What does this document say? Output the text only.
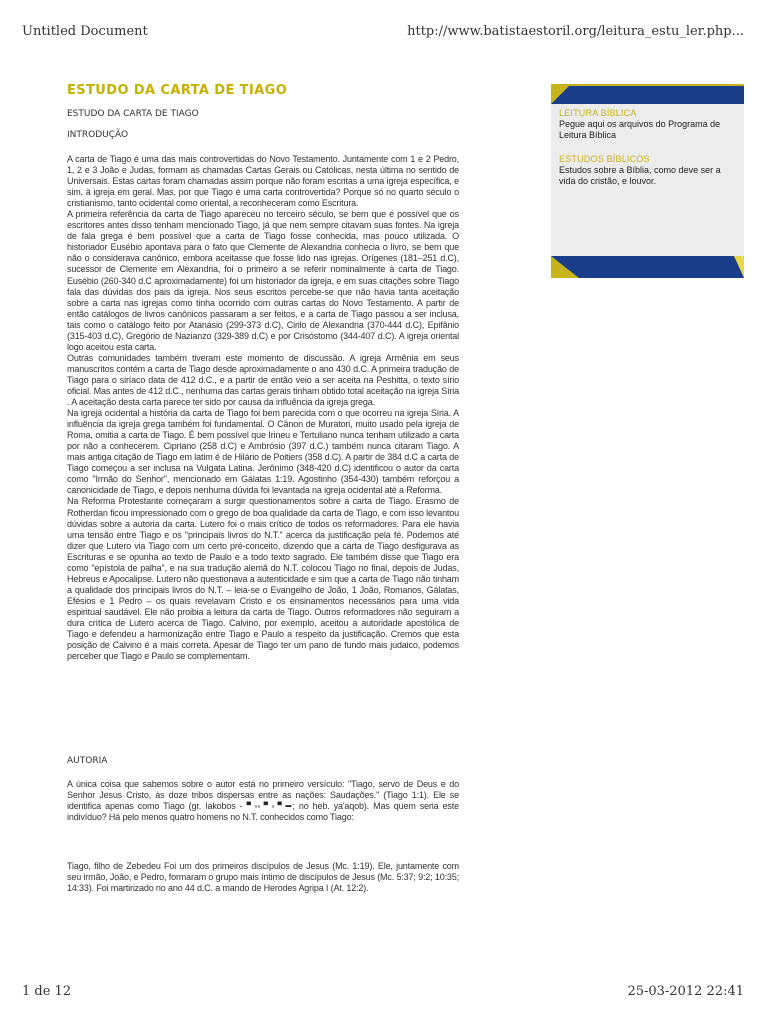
Untitled Document	http://www.batistaestoril.org/leitura_estu_ler.php...
ESTUDO DA CARTA DE TIAGO
ESTUDO DA CARTA DE TIAGO
INTRODUÇÃO

A carta de Tiago é uma das mais controvertidas do Novo Testamento. Juntamente com 1 e 2 Pedro, 1, 2 e 3 João e Judas, formam as chamadas Cartas Gerais ou Católicas, nesta última no sentido de Universais. Estas cartas foram chamadas assim porque não foram escritas a uma igreja específica, e sim, à igreja em geral. Mas, por que Tiago é uma carta controvertida? Porque só no quarto século o cristianismo, tanto ocidental como oriental, a reconheceram como Escritura.

A primeira referência da carta de Tiago apareceu no terceiro século, se bem que é possível que os escritores antes disso tenham mencionado Tiago, já que nem sempre citavam suas fontes. Na igreja de fala grega é bem possível que a carta de Tiago fosse conhecida, mas pouco utilizada. O historiador Eusébio apontava para o fato que Clemente de Alexandria conhecia o livro, se bem que não o considerava canônico, embora aceitasse que fosse lido nas igrejas. Orígenes (181–251 d.C), sucessor de Clemente em Alexandria, foi o primeiro a se referir nominalmente à carta de Tiago. Eusébio (260-340 d.C aproximadamente) foi um historiador da igreja, e em suas citações sobre Tiago fala das dúvidas dos pais da igreja. Nos seus escritos percebe-se que não havia tanta aceitação sobre a carta nas igrejas como tinha ocorrido com outras cartas do Novo Testamento. A partir de então catálogos de livros canônicos passaram a ser feitos, e a carta de Tiago passou a ser inclusa, tais como o catálogo feito por Atanásio (299-373 d.C), Cirilo de Alexandria (370-444 d.C), Epifânio (315-403 d.C), Gregório de Nazianzo (329-389 d.C) e por Crisóstomo (344-407 d.C). A igreja oriental logo aceitou esta carta.

Outras comunidades também tiveram este momento de discussão. A igreja Armênia em seus manuscritos contém a carta de Tiago desde aproximadamente o ano 430 d.C. A primeira tradução de Tiago para o siríaco data de 412 d.C., e a partir de então veio a ser aceita na Peshitta, o texto sírio oficial. Mas antes de 412 d.C., nenhuma das cartas gerais tinham obtido total aceitação na igreja Síria . A aceitação desta carta parece ter sido por causa da influência da igreja grega.

Na igreja ocidental a história da carta de Tiago foi bem parecida com o que ocorreu na igreja Síria. A influência da igreja grega também foi fundamental. O Cânon de Muratori, muito usado pela igreja de Roma, omitia a carta de Tiago. É bem possível que Irineu e Tertuliano nunca tenham utilizado a carta por não a conhecerem. Cipriano (258 d.C) e Ambrósio (397 d.C.) também nunca citaram Tiago. A mais antiga citação de Tiago em latim é de Hilário de Poitiers (358 d.C). A partir de 384 d.C a carta de Tiago começou a ser inclusa na Vulgata Latina. Jerônimo (348-420 d.C) identificou o autor da carta como "Irmão do Senhor", mencionado em Gálatas 1:19. Agostinho (354-430) também reforçou a canonicidade de Tiago, e depois nenhuma dúvida foi levantada na igreja ocidental até a Reforma.

Na Reforma Protestante começaram a surgir questionamentos sobre a carta de Tiago. Erasmo de Rotherdan ficou impressionado com o grego de boa qualidade da carta de Tiago, e com isso levantou dúvidas sobre a autoria da carta. Lutero foi o mais crítico de todos os reformadores. Para ele havia uma tensão entre Tiago e os "principais livros do N.T." acerca da justificação pela fé. Podemos até dizer que Lutero via Tiago com um certo pré-conceito, dizendo que a carta de Tiago desfigurava as Escrituras e se opunha ao texto de Paulo e a todo texto sagrado. Ele também disse que Tiago era como "epístola de palha", e na sua tradução alemã do N.T. colocou Tiago no final, depois de Judas, Hebreus e Apocalipse. Lutero não questionava a autenticidade e sim que a carta de Tiago não tinham a qualidade dos principais livros do N.T. – leia-se o Evangelho de João, 1 João, Romanos, Gálatas, Efésios e 1 Pedro – os quais revelavam Cristo e os ensinamentos necessários para uma vida espiritual saudável. Ele não proibia a leitura da carta de Tiago. Outros reformadores não seguiram a dura crítica de Lutero acerca de Tiago. Calvino, por exemplo, aceitou a autoridade apostólica de Tiago e defendeu a harmonização entre Tiago e Paulo a respeito da justificação. Cremos que esta posição de Calvino é a mais correta. Apesar de Tiago ter um pano de fundo mais judaico, podemos perceber que Tiago e Paulo se complementam.

AUTORIA

A única coisa que sabemos sobre o autor está no primeiro versículo: "Tiago, servo de Deus e do Senhor Jesus Cristo, às doze tribos dispersas entre as nações: Saudações." (Tiago 1:1). Ele se identifica apenas como Tiago (gr. Iakobos - ▀ ₐₐ ▀ ₐ ▀ ▬; no heb. ya'aqob). Mas quem seria este indivíduo? Há pelo menos quatro homens no N.T. conhecidos como Tiago:

Tiago, filho de Zebedeu Foi um dos primeiros discípulos de Jesus (Mc. 1:19). Ele, juntamente com seu irmão, João, e Pedro, formaram o grupo mais íntimo de discípulos de Jesus (Mc. 5:37; 9:2; 10:35; 14:33). Foi martirizado no ano 44 d.C. a mando de Herodes Agripa I (At. 12:2).

LEITURA BÍBLICA
Pegue aqui os arquivos do Programa de Leitura Bíblica
ESTUDOS BÍBLICOS
Estudos sobre a Bíblia, como deve ser a vida do cristão, e louvor.
1 de 12	25-03-2012 22:41
